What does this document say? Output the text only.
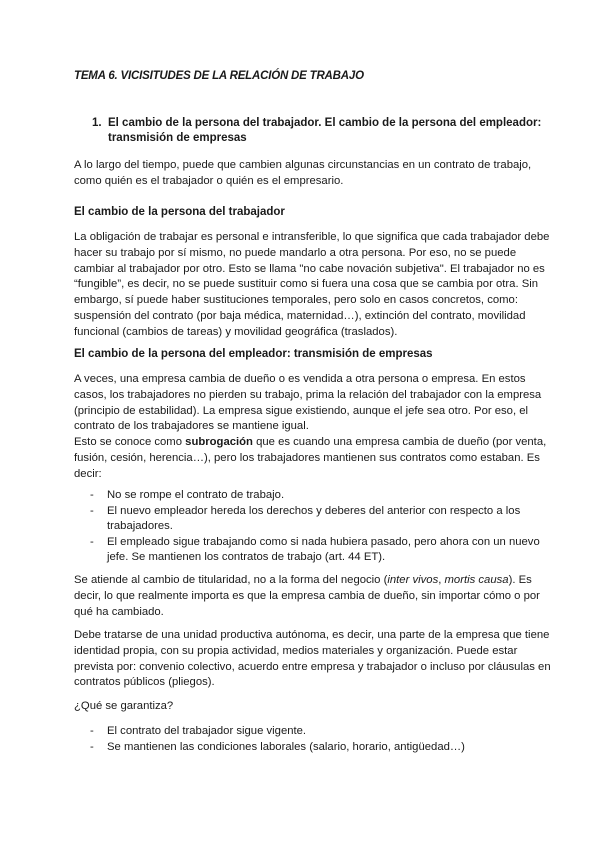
TEMA 6. VICISITUDES DE LA RELACIÓN DE TRABAJO
1. El cambio de la persona del trabajador. El cambio de la persona del empleador: transmisión de empresas
A lo largo del tiempo, puede que cambien algunas circunstancias en un contrato de trabajo, como quién es el trabajador o quién es el empresario.
El cambio de la persona del trabajador
La obligación de trabajar es personal e intransferible, lo que significa que cada trabajador debe hacer su trabajo por sí mismo, no puede mandarlo a otra persona. Por eso, no se puede cambiar al trabajador por otro. Esto se llama "no cabe novación subjetiva". El trabajador no es “fungible”, es decir, no se puede sustituir como si fuera una cosa que se cambia por otra. Sin embargo, sí puede haber sustituciones temporales, pero solo en casos concretos, como: suspensión del contrato (por baja médica, maternidad…), extinción del contrato, movilidad funcional (cambios de tareas) y movilidad geográfica (traslados).
El cambio de la persona del empleador: transmisión de empresas
A veces, una empresa cambia de dueño o es vendida a otra persona o empresa. En estos casos, los trabajadores no pierden su trabajo, prima la relación del trabajador con la empresa (principio de estabilidad). La empresa sigue existiendo, aunque el jefe sea otro. Por eso, el contrato de los trabajadores se mantiene igual.
Esto se conoce como subrogación que es cuando una empresa cambia de dueño (por venta, fusión, cesión, herencia…), pero los trabajadores mantienen sus contratos como estaban. Es decir:
- No se rompe el contrato de trabajo.
- El nuevo empleador hereda los derechos y deberes del anterior con respecto a los trabajadores.
- El empleado sigue trabajando como si nada hubiera pasado, pero ahora con un nuevo jefe. Se mantienen los contratos de trabajo (art. 44 ET).
Se atiende al cambio de titularidad, no a la forma del negocio (inter vivos, mortis causa). Es decir, lo que realmente importa es que la empresa cambia de dueño, sin importar cómo o por qué ha cambiado.
Debe tratarse de una unidad productiva autónoma, es decir, una parte de la empresa que tiene identidad propia, con su propia actividad, medios materiales y organización. Puede estar prevista por: convenio colectivo, acuerdo entre empresa y trabajador o incluso por cláusulas en contratos públicos (pliegos).
¿Qué se garantiza?
- El contrato del trabajador sigue vigente.
- Se mantienen las condiciones laborales (salario, horario, antigüedad…)
